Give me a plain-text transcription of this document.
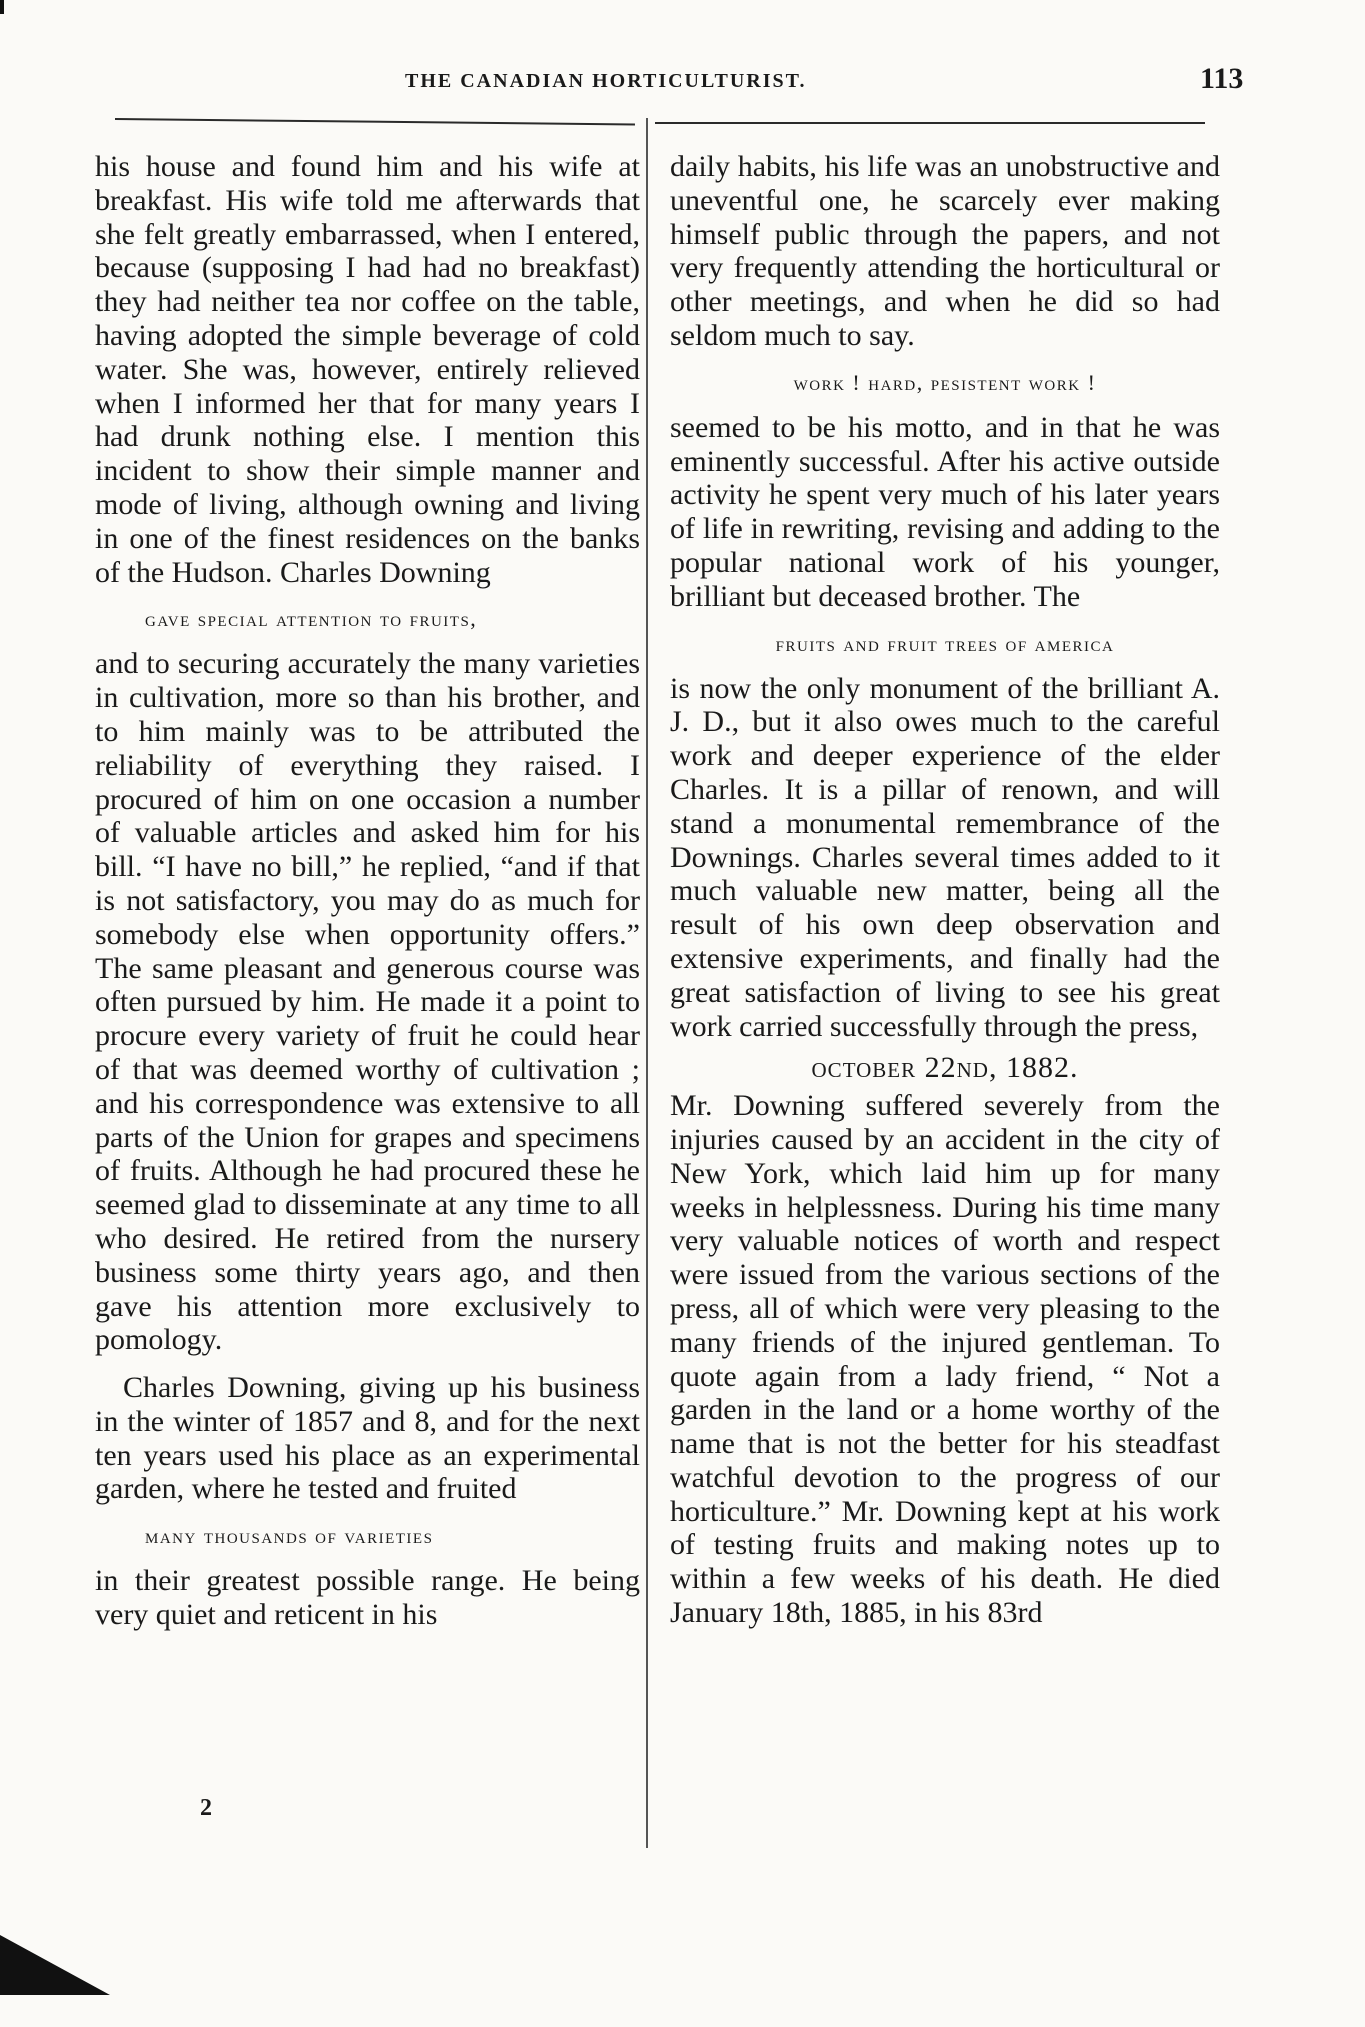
THE CANADIAN HORTICULTURIST.	113

his house and found him and his wife at breakfast. His wife told me afterwards that she felt greatly embarrassed, when I entered, because (supposing I had had no breakfast) they had neither tea nor coffee on the table, having adopted the simple beverage of cold water. She was, however, entirely relieved when I informed her that for many years I had drunk nothing else. I mention this incident to show their simple manner and mode of living, although owning and living in one of the finest residences on the banks of the Hudson. Charles Downing

gave special attention to fruits,

and to securing accurately the many varieties in cultivation, more so than his brother, and to him mainly was to be attributed the reliability of everything they raised. I procured of him on one occasion a number of valuable articles and asked him for his bill. “I have no bill,” he replied, “and if that is not satisfactory, you may do as much for somebody else when opportunity offers.” The same pleasant and generous course was often pursued by him. He made it a point to procure every variety of fruit he could hear of that was deemed worthy of cultivation ; and his correspondence was extensive to all parts of the Union for grapes and specimens of fruits. Although he had procured these he seemed glad to disseminate at any time to all who desired. He retired from the nursery business some thirty years ago, and then gave his attention more exclusively to pomology.

Charles Downing, giving up his business in the winter of 1857 and 8, and for the next ten years used his place as an experimental garden, where he tested and fruited

many thousands of varieties

in their greatest possible range. He being very quiet and reticent in his

2

daily habits, his life was an unobstructive and uneventful one, he scarcely ever making himself public through the papers, and not very frequently attending the horticultural or other meetings, and when he did so had seldom much to say.

work ! hard, pesistent work !

seemed to be his motto, and in that he was eminently successful. After his active outside activity he spent very much of his later years of life in rewriting, revising and adding to the popular national work of his younger, brilliant but deceased brother. The

fruits and fruit trees of america

is now the only monument of the brilliant A. J. D., but it also owes much to the careful work and deeper experience of the elder Charles. It is a pillar of renown, and will stand a monumental remembrance of the Downings. Charles several times added to it much valuable new matter, being all the result of his own deep observation and extensive experiments, and finally had the great satisfaction of living to see his great work carried successfully through the press,

october 22nd, 1882.

Mr. Downing suffered severely from the injuries caused by an accident in the city of New York, which laid him up for many weeks in helplessness. During his time many very valuable notices of worth and respect were issued from the various sections of the press, all of which were very pleasing to the many friends of the injured gentleman. To quote again from a lady friend, “ Not a garden in the land or a home worthy of the name that is not the better for his steadfast watchful devotion to the progress of our horticulture.” Mr. Downing kept at his work of testing fruits and making notes up to within a few weeks of his death. He died January 18th, 1885, in his 83rd
